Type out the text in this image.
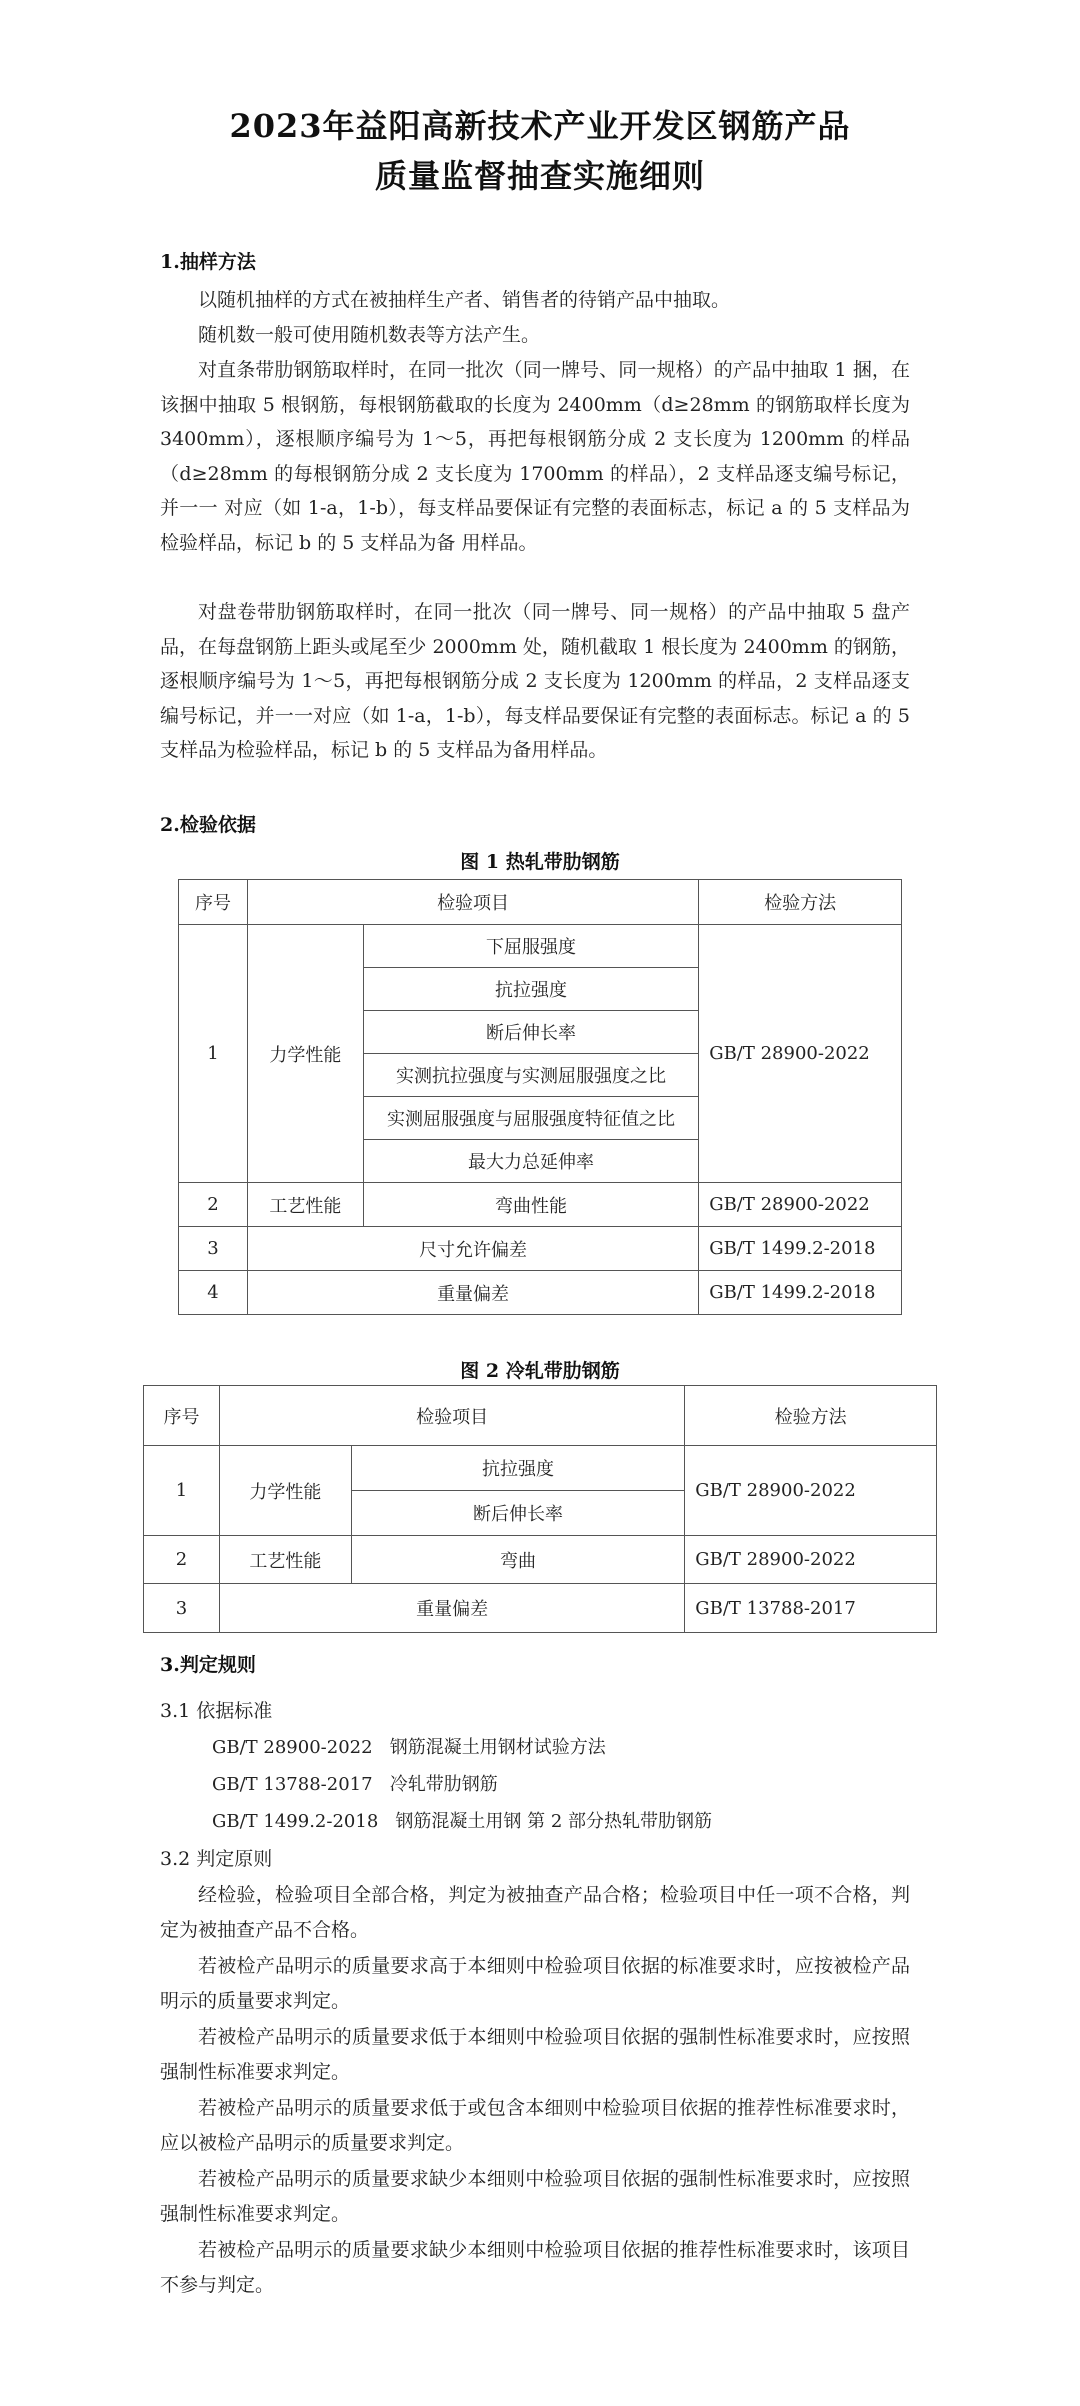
2023年益阳高新技术产业开发区钢筋产品
质量监督抽查实施细则
1.抽样方法

以随机抽样的方式在被抽样生产者、销售者的待销产品中抽取。

随机数一般可使用随机数表等方法产生。

对直条带肋钢筋取样时，在同一批次（同一牌号、同一规格）的产品中抽取 1 捆，在该捆中抽取 5 根钢筋，每根钢筋截取的长度为 2400mm（d≥28mm 的钢筋取样长度为 3400mm），逐根顺序编号为 1～5，再把每根钢筋分成 2 支长度为 1200mm 的样品（d≥28mm 的每根钢筋分成 2 支长度为 1700mm 的样品），2 支样品逐支编号标记，并一一 对应（如 1-a，1-b），每支样品要保证有完整的表面标志，标记 a 的 5 支样品为检验样品，标记 b 的 5 支样品为备 用样品。

对盘卷带肋钢筋取样时，在同一批次（同一牌号、同一规格）的产品中抽取 5 盘产品，在每盘钢筋上距头或尾至少 2000mm 处，随机截取 1 根长度为 2400mm 的钢筋，逐根顺序编号为 1～5，再把每根钢筋分成 2 支长度为 1200mm 的样品，2 支样品逐支编号标记，并一一对应（如 1-a，1-b），每支样品要保证有完整的表面标志。标记 a 的 5 支样品为检验样品，标记 b 的 5 支样品为备用样品。

2.检验依据
图 1 热轧带肋钢筋
序号	检验项目		检验方法
1	力学性能	下屈服强度	GB/T 28900-2022
		抗拉强度	
		断后伸长率	
		实测抗拉强度与实测屈服强度之比	
		实测屈服强度与屈服强度特征值之比	
		最大力总延伸率	
2	工艺性能	弯曲性能	GB/T 28900-2022
3	尺寸允许偏差		GB/T 1499.2-2018
4	重量偏差		GB/T 1499.2-2018
图 2 冷轧带肋钢筋
序号	检验项目		检验方法
1	力学性能	抗拉强度	GB/T 28900-2022
		断后伸长率	
2	工艺性能	弯曲	GB/T 28900-2022
3	重量偏差		GB/T 13788-2017
3.判定规则
3.1 依据标准
GB/T 28900-2022   钢筋混凝土用钢材试验方法
GB/T 13788-2017   冷轧带肋钢筋
GB/T 1499.2-2018   钢筋混凝土用钢 第 2 部分热轧带肋钢筋
3.2 判定原则

经检验，检验项目全部合格，判定为被抽查产品合格；检验项目中任一项不合格，判定为被抽查产品不合格。

若被检产品明示的质量要求高于本细则中检验项目依据的标准要求时，应按被检产品明示的质量要求判定。

若被检产品明示的质量要求低于本细则中检验项目依据的强制性标准要求时，应按照强制性标准要求判定。

若被检产品明示的质量要求低于或包含本细则中检验项目依据的推荐性标准要求时，应以被检产品明示的质量要求判定。

若被检产品明示的质量要求缺少本细则中检验项目依据的强制性标准要求时，应按照强制性标准要求判定。

若被检产品明示的质量要求缺少本细则中检验项目依据的推荐性标准要求时，该项目不参与判定。
